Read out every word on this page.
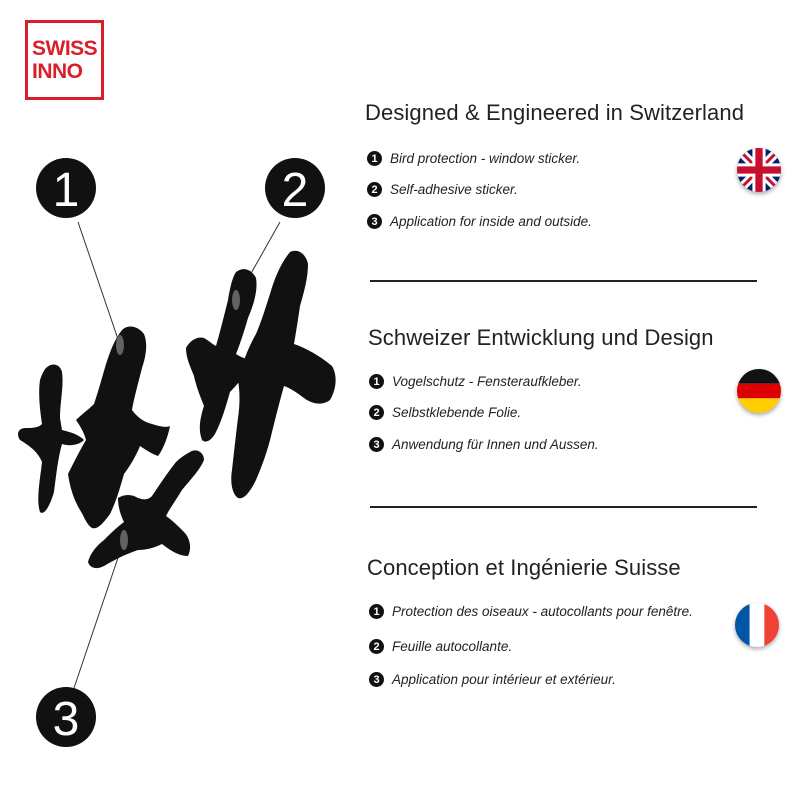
SWISS
INNO
1	2
3
Designed & Engineered in Switzerland
1 Bird protection - window sticker.
2 Self-adhesive sticker.
3 Application for inside and outside.
Schweizer Entwicklung und Design
1 Vogelschutz - Fensteraufkleber.
2 Selbstklebende Folie.
3 Anwendung für Innen und Aussen.
Conception et Ingénierie Suisse
1 Protection des oiseaux - autocollants pour fenêtre.
2 Feuille autocollante.
3 Application pour intérieur et extérieur.
